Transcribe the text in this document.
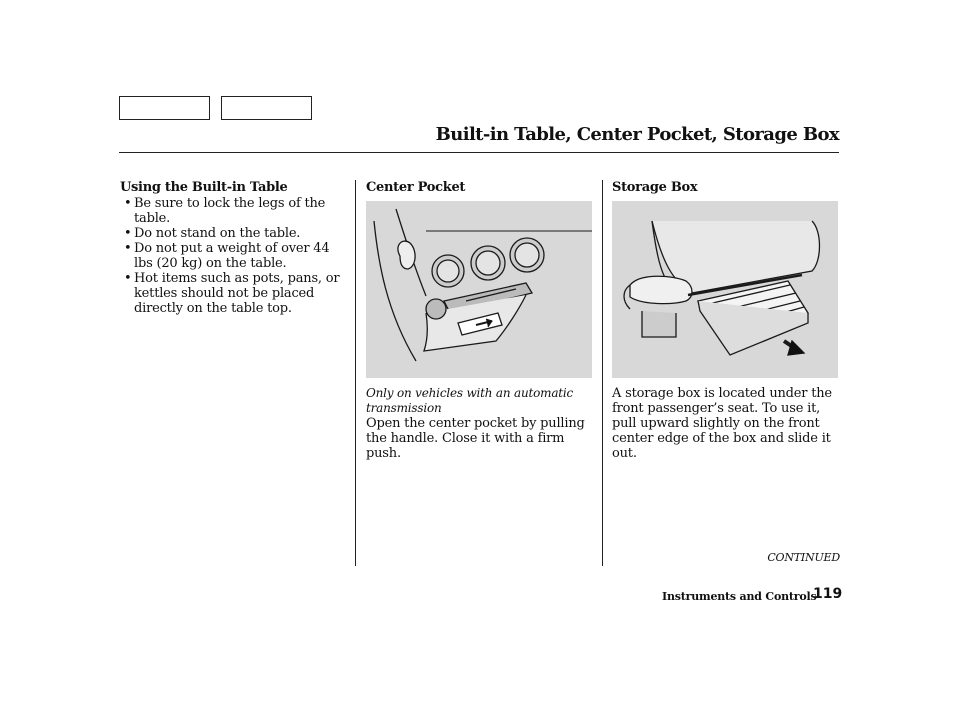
Built-in Table, Center Pocket, Storage Box
Using the Built-in Table
• Be sure to lock the legs of the table.
• Do not stand on the table.
• Do not put a weight of over 44 lbs (20 kg) on the table.
• Hot items such as pots, pans, or kettles should not be placed directly on the table top.
Center Pocket

Only on vehicles with an automatic transmission

Open the center pocket by pulling the handle. Close it with a firm push.

Storage Box

A storage box is located under the front passenger’s seat. To use it, pull upward slightly on the front center edge of the box and slide it out.

CONTINUED
Instruments and Controls
119
